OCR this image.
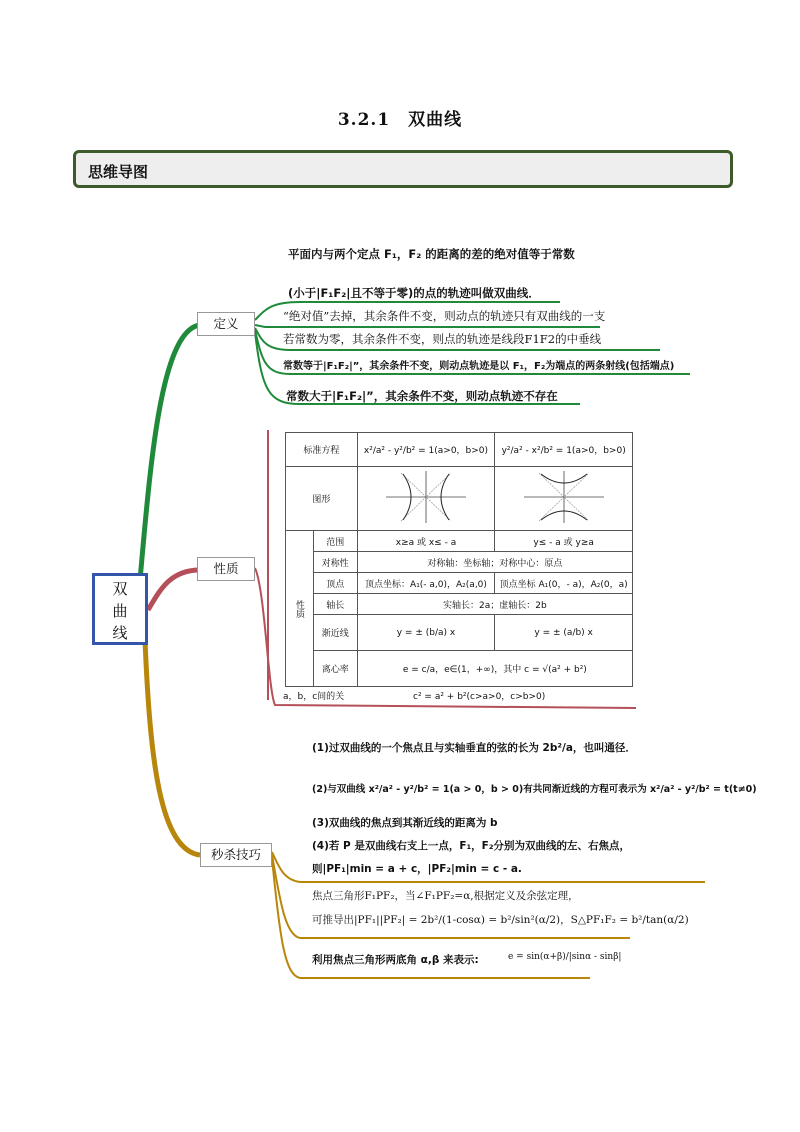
3.2.1　双曲线
思维导图
双
曲
线
定义
性质
秒杀技巧
平面内与两个定点 F₁，F₂ 的距离的差的绝对值等于常数
(小于|F₁F₂|且不等于零)的点的轨迹叫做双曲线．
“绝对值”去掉，其余条件不变，则动点的轨迹只有双曲线的一支
若常数为零，其余条件不变，则点的轨迹是线段F1F2的中垂线
常数等于|F₁F₂|”，其余条件不变，则动点轨迹是以 F₁，F₂为端点的两条射线(包括端点)
常数大于|F₁F₂|”，其余条件不变，则动点轨迹不存在
标准方程		x²/a² - y²/b² = 1(a>0，b>0)	y²/a² - x²/b² = 1(a>0，b>0)
图形		
性质	范围	x≥a 或 x≤ - a	y≤ - a 或 y≥a
	对称性	对称轴：坐标轴；对称中心：原点	
	顶点	顶点坐标：A₁(- a,0)，A₂(a,0)	顶点坐标 A₁(0，- a)，A₂(0，a)
	轴长	实轴长：2a；虚轴长：2b	
	渐近线	y = ± (b/a) x	y = ± (a/b) x
	离心率	e = c/a，e∈(1，+∞)，其中 c = √(a² + b²)	
a，b，c间的关	c² = a² + b²(c>a>0，c>b>0)
(1)过双曲线的一个焦点且与实轴垂直的弦的长为 2b²/a，也叫通径．
(2)与双曲线 x²/a² - y²/b² = 1(a > 0，b > 0)有共同渐近线的方程可表示为 x²/a² - y²/b² = t(t≠0)
(3)双曲线的焦点到其渐近线的距离为 b
(4)若 P 是双曲线右支上一点，F₁，F₂分别为双曲线的左、右焦点，
则|PF₁|min = a + c，|PF₂|min = c - a.
焦点三角形F₁PF₂，当∠F₁PF₂=α,根据定义及余弦定理，
可推导出|PF₁||PF₂| = 2b²/(1-cosα) = b²/sin²(α/2)，S△PF₁F₂ = b²/tan(α/2)
利用焦点三角形两底角 α,β 来表示:	e = sin(α+β)/|sinα - sinβ|
